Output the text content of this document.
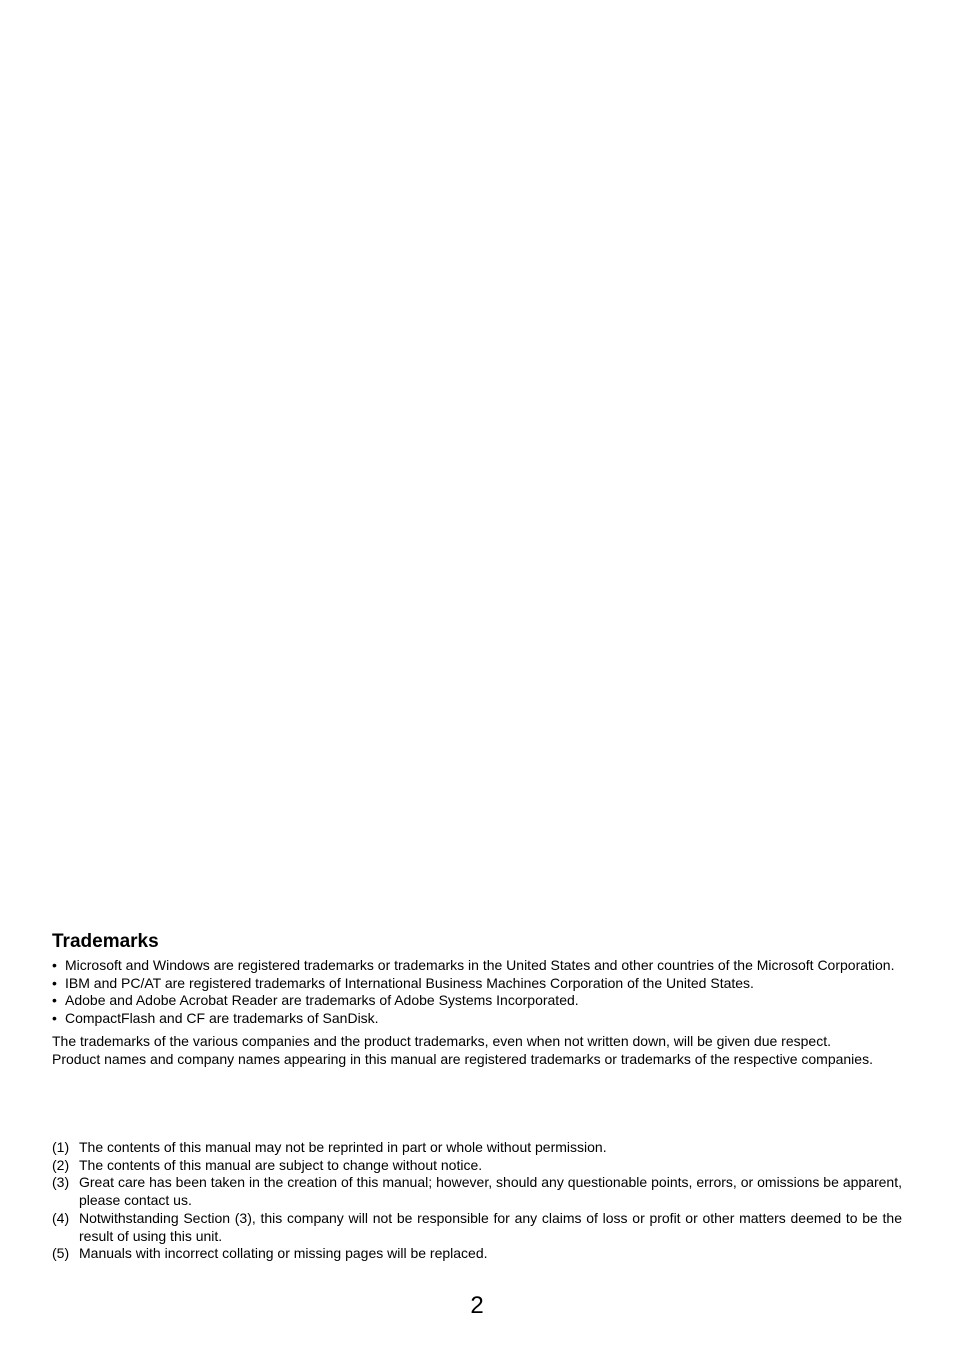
Trademarks
• Microsoft and Windows are registered trademarks or trademarks in the United States and other countries of the Microsoft Corporation.
• IBM and PC/AT are registered trademarks of International Business Machines Corporation of the United States.
• Adobe and Adobe Acrobat Reader are trademarks of Adobe Systems Incorporated.
• CompactFlash and CF are trademarks of SanDisk.
The trademarks of the various companies and the product trademarks, even when not written down, will be given due respect.
Product names and company names appearing in this manual are registered trademarks or trademarks of the respective companies.
(1) The contents of this manual may not be reprinted in part or whole without permission.
(2) The contents of this manual are subject to change without notice.
(3) Great care has been taken in the creation of this manual; however, should any questionable points, errors, or omissions be apparent, please contact us.
(4) Notwithstanding Section (3), this company will not be responsible for any claims of loss or profit or other matters deemed to be the result of using this unit.
(5) Manuals with incorrect collating or missing pages will be replaced.
2
